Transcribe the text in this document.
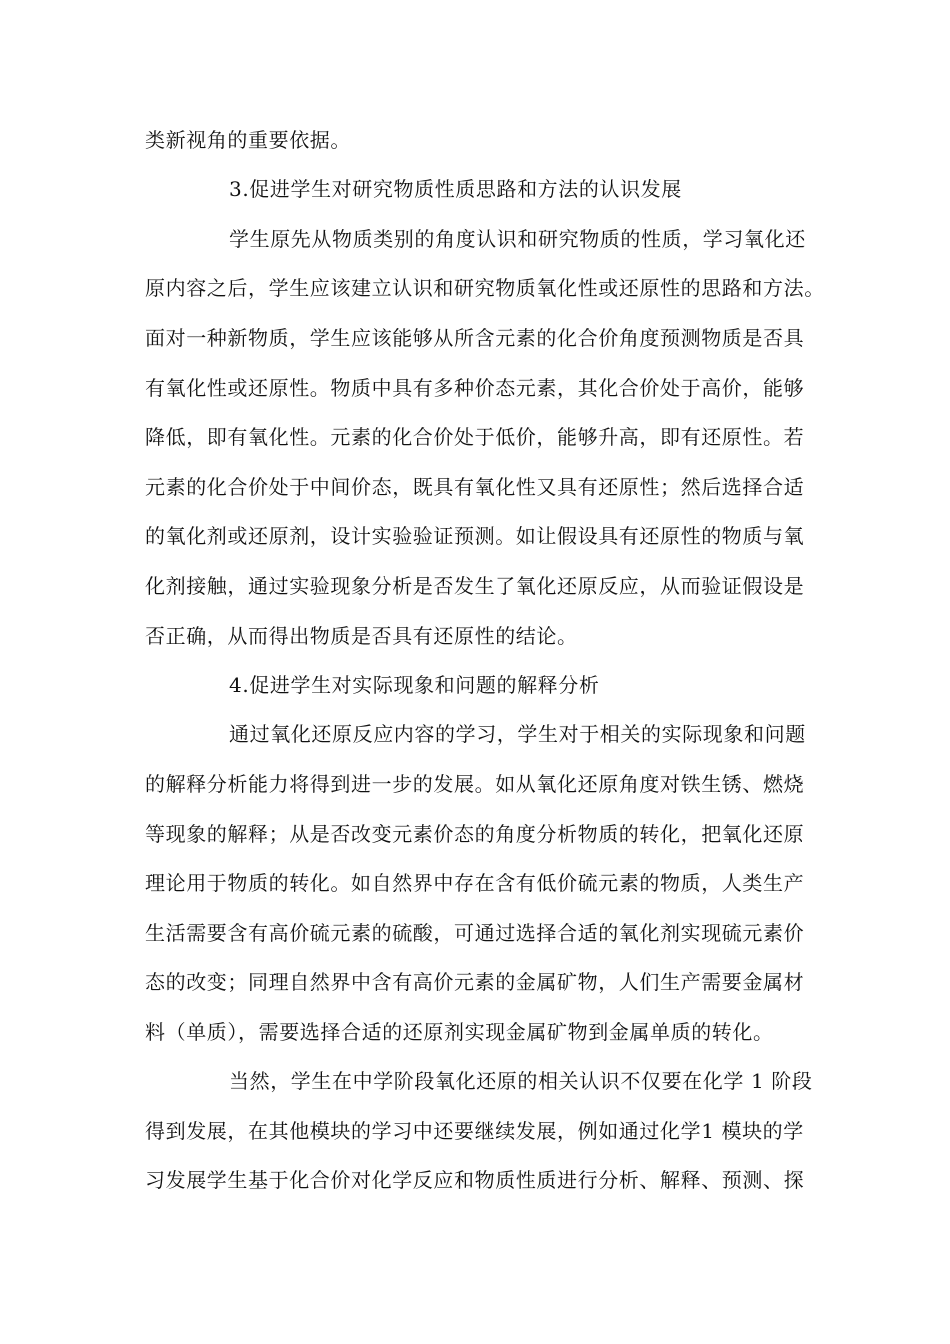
类新视角的重要依据。
3.促进学生对研究物质性质思路和方法的认识发展
学生原先从物质类别的角度认识和研究物质的性质，学习氧化还
原内容之后，学生应该建立认识和研究物质氧化性或还原性的思路和方法。
面对一种新物质，学生应该能够从所含元素的化合价角度预测物质是否具
有氧化性或还原性。物质中具有多种价态元素，其化合价处于高价，能够
降低，即有氧化性。元素的化合价处于低价，能够升高，即有还原性。若
元素的化合价处于中间价态，既具有氧化性又具有还原性；然后选择合适
的氧化剂或还原剂，设计实验验证预测。如让假设具有还原性的物质与氧
化剂接触，通过实验现象分析是否发生了氧化还原反应，从而验证假设是
否正确，从而得出物质是否具有还原性的结论。
4.促进学生对实际现象和问题的解释分析
通过氧化还原反应内容的学习，学生对于相关的实际现象和问题
的解释分析能力将得到进一步的发展。如从氧化还原角度对铁生锈、燃烧
等现象的解释；从是否改变元素价态的角度分析物质的转化，把氧化还原
理论用于物质的转化。如自然界中存在含有低价硫元素的物质，人类生产
生活需要含有高价硫元素的硫酸，可通过选择合适的氧化剂实现硫元素价
态的改变；同理自然界中含有高价元素的金属矿物，人们生产需要金属材
料（单质），需要选择合适的还原剂实现金属矿物到金属单质的转化。
当然，学生在中学阶段氧化还原的相关认识不仅要在化学 1 阶段
得到发展，在其他模块的学习中还要继续发展，例如通过化学1 模块的学
习发展学生基于化合价对化学反应和物质性质进行分析、解释、预测、探
